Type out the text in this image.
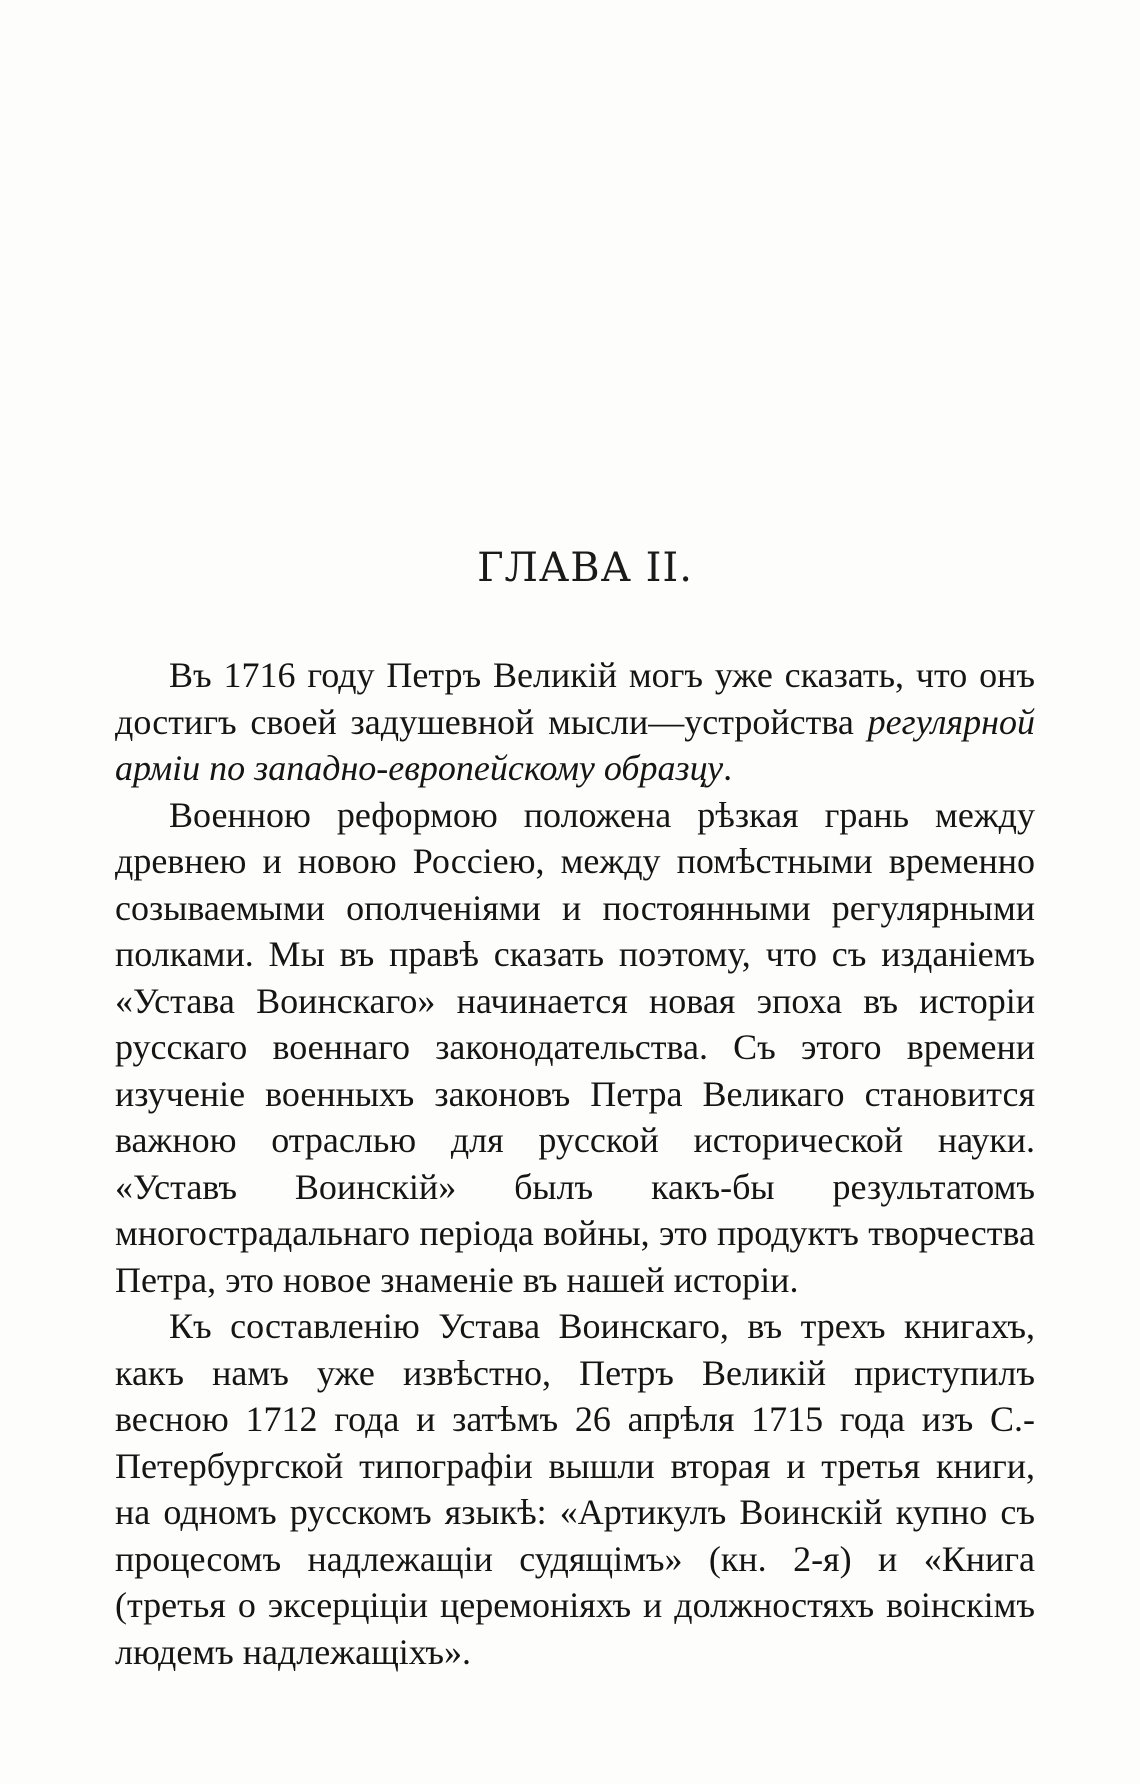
ГЛАВА II.

Въ 1716 году Петръ Великій могъ уже сказать, что онъ достигъ своей задушевной мысли—устройства регулярной арміи по западно-европейскому образцу.

Военною реформою положена рѣзкая грань между древнею и новою Россіею, между помѣстными временно созываемыми ополченіями и постоянными регулярными полками. Мы въ правѣ сказать поэтому, что съ изданіемъ «Устава Воинскаго» начинается новая эпоха въ исторіи русскаго военнаго законодательства. Съ этого времени изученіе военныхъ законовъ Петра Великаго становится важною отраслью для русской исторической науки. «Уставъ Воинскій» былъ какъ-бы результатомъ многострадальнаго періода войны, это продуктъ творчества Петра, это новое знаменіе въ нашей исторіи.

Къ составленію Устава Воинскаго, въ трехъ книгахъ, какъ намъ уже извѣстно, Петръ Великій приступилъ весною 1712 года и затѣмъ 26 апрѣля 1715 года изъ С.-Петербургской типографіи вышли вторая и третья книги, на одномъ русскомъ языкѣ: «Артикулъ Воинскій купно съ процесомъ надлежащіи судящімъ» (кн. 2-я) и «Книга (третья о эксерціціи церемоніяхъ и должностяхъ воінскімъ людемъ надлежащіхъ».
